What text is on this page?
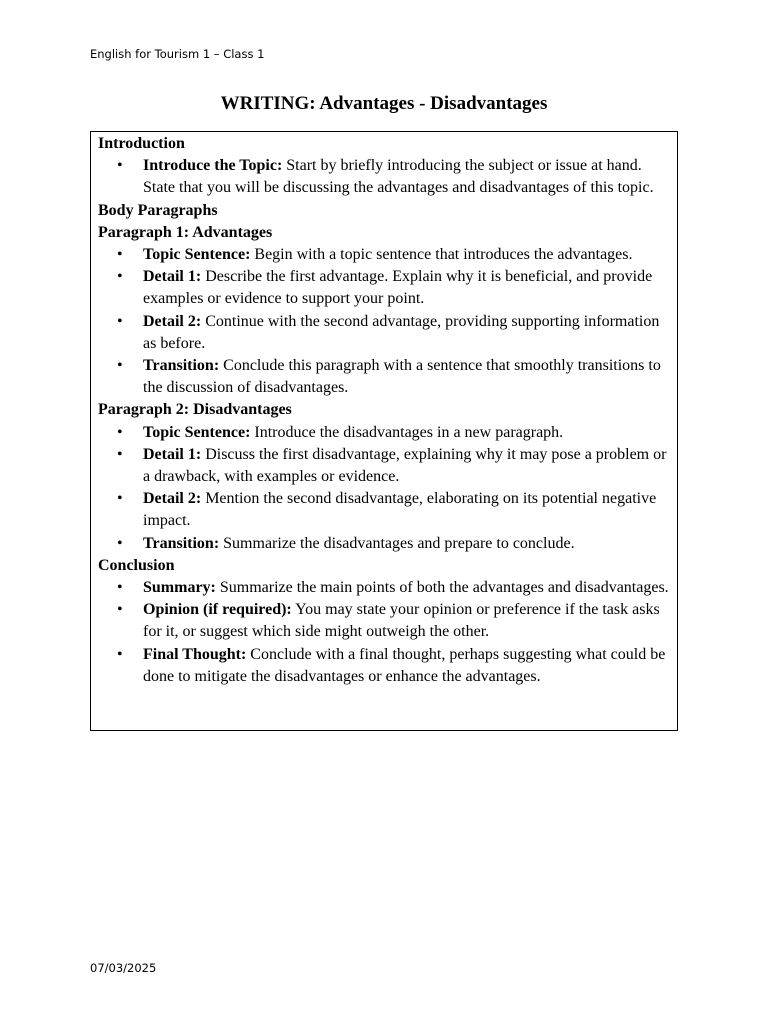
English for Tourism 1 – Class 1
WRITING: Advantages - Disadvantages
Introduction
• Introduce the Topic: Start by briefly introducing the subject or issue at hand. State that you will be discussing the advantages and disadvantages of this topic.
Body Paragraphs
Paragraph 1: Advantages
• Topic Sentence: Begin with a topic sentence that introduces the advantages.
• Detail 1: Describe the first advantage. Explain why it is beneficial, and provide examples or evidence to support your point.
• Detail 2: Continue with the second advantage, providing supporting information as before.
• Transition: Conclude this paragraph with a sentence that smoothly transitions to the discussion of disadvantages.
Paragraph 2: Disadvantages
• Topic Sentence: Introduce the disadvantages in a new paragraph.
• Detail 1: Discuss the first disadvantage, explaining why it may pose a problem or a drawback, with examples or evidence.
• Detail 2: Mention the second disadvantage, elaborating on its potential negative impact.
• Transition: Summarize the disadvantages and prepare to conclude.
Conclusion
• Summary: Summarize the main points of both the advantages and disadvantages.
• Opinion (if required): You may state your opinion or preference if the task asks for it, or suggest which side might outweigh the other.
• Final Thought: Conclude with a final thought, perhaps suggesting what could be done to mitigate the disadvantages or enhance the advantages.
07/03/2025
